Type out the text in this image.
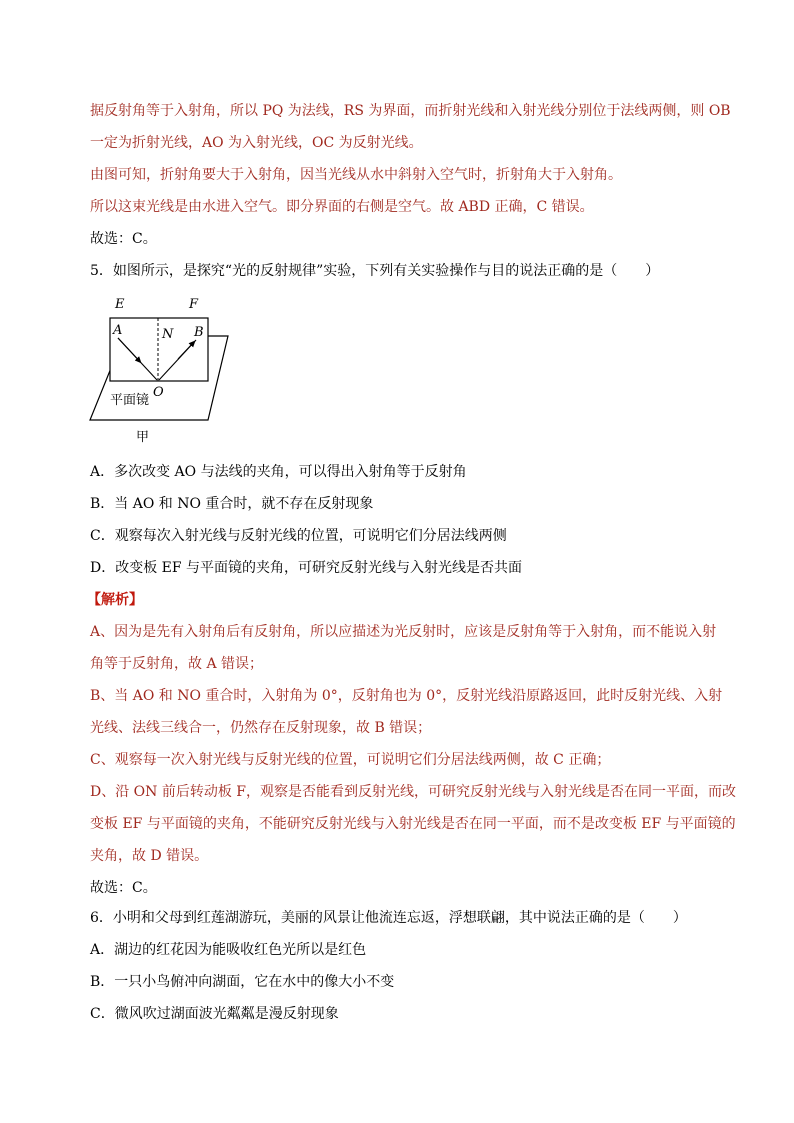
据反射角等于入射角，所以 PQ 为法线，RS 为界面，而折射光线和入射光线分别位于法线两侧，则 OB
一定为折射光线，AO 为入射光线，OC 为反射光线。
由图可知，折射角要大于入射角，因当光线从水中斜射入空气时，折射角大于入射角。
所以这束光线是由水进入空气。即分界面的右侧是空气。故 ABD 正确，C 错误。
故选：C。
5．如图所示，是探究“光的反射规律”实验，下列有关实验操作与目的说法正确的是（　　）
E	F
A	B
N
O
平面镜
甲
A．多次改变 AO 与法线的夹角，可以得出入射角等于反射角
B．当 AO 和 NO 重合时，就不存在反射现象
C．观察每次入射光线与反射光线的位置，可说明它们分居法线两侧
D．改变板 EF 与平面镜的夹角，可研究反射光线与入射光线是否共面
【解析】
A、因为是先有入射角后有反射角，所以应描述为光反射时，应该是反射角等于入射角，而不能说入射
角等于反射角，故 A 错误；
B、当 AO 和 NO 重合时，入射角为 0°，反射角也为 0°，反射光线沿原路返回，此时反射光线、入射
光线、法线三线合一，仍然存在反射现象，故 B 错误；
C、观察每一次入射光线与反射光线的位置，可说明它们分居法线两侧，故 C 正确；
D、沿 ON 前后转动板 F，观察是否能看到反射光线，可研究反射光线与入射光线是否在同一平面，而改
变板 EF 与平面镜的夹角，不能研究反射光线与入射光线是否在同一平面，而不是改变板 EF 与平面镜的
夹角，故 D 错误。
故选：C。
6．小明和父母到红莲湖游玩，美丽的风景让他流连忘返，浮想联翩，其中说法正确的是（　　）
A．湖边的红花因为能吸收红色光所以是红色
B．一只小鸟俯冲向湖面，它在水中的像大小不变
C．微风吹过湖面波光粼粼是漫反射现象
